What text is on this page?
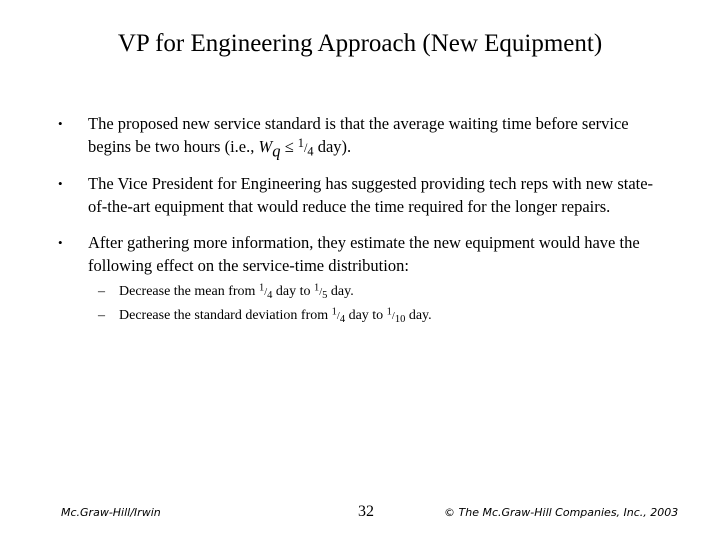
VP for Engineering Approach (New Equipment)
• The proposed new service standard is that the average waiting time before service begins be two hours (i.e., $W_q \le ^1/_4$ day).
• The Vice President for Engineering has suggested providing tech reps with new state-of-the-art equipment that would reduce the time required for the longer repairs.
• After gathering more information, they estimate the new equipment would have the following effect on the service-time distribution:
– Decrease the mean from $^1/_4$ day to $^1/_5$ day.
– Decrease the standard deviation from $^1/_4$ day to $^1/_{10}$ day.
Mc.Graw-Hill/Irwin	32	© The Mc.Graw-Hill Companies, Inc., 2003
